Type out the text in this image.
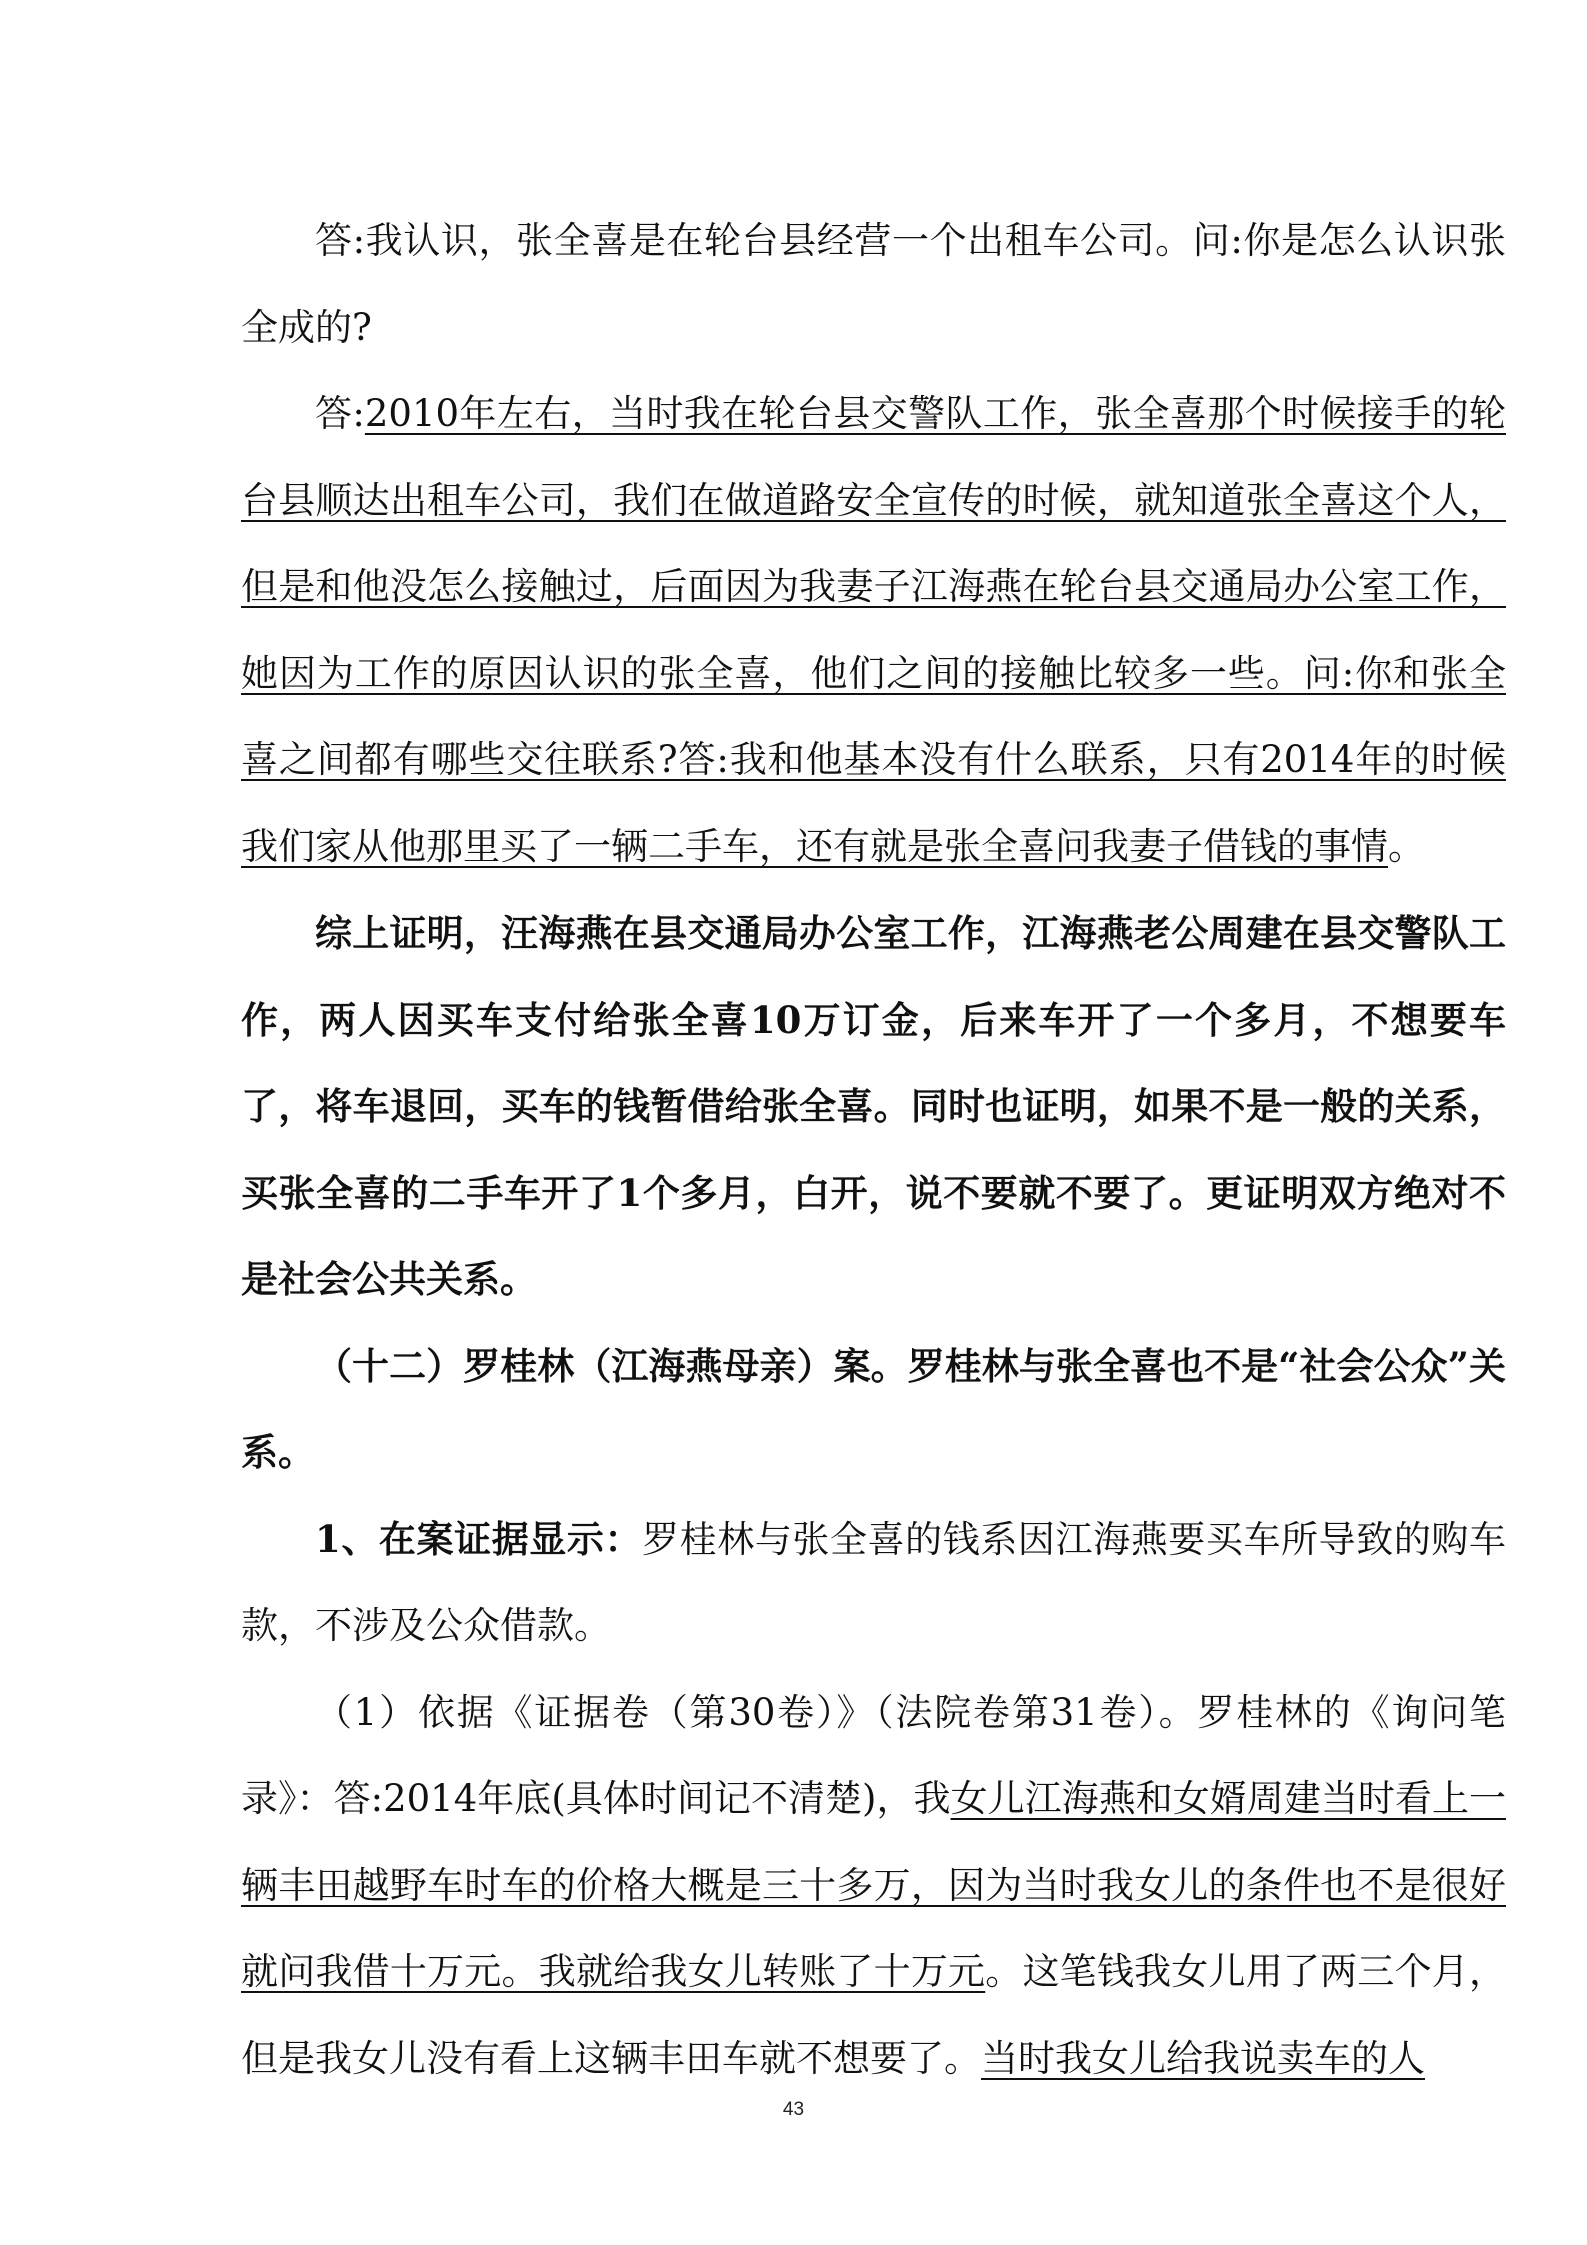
答:我认识，张全喜是在轮台县经营一个出租车公司。问:你是怎么认识张全成的?

答:2010年左右，当时我在轮台县交警队工作，张全喜那个时候接手的轮台县顺达出租车公司，我们在做道路安全宣传的时候，就知道张全喜这个人，但是和他没怎么接触过，后面因为我妻子江海燕在轮台县交通局办公室工作，她因为工作的原因认识的张全喜，他们之间的接触比较多一些。问:你和张全喜之间都有哪些交往联系?答:我和他基本没有什么联系，只有2014年的时候我们家从他那里买了一辆二手车，还有就是张全喜问我妻子借钱的事情。

综上证明，汪海燕在县交通局办公室工作，江海燕老公周建在县交警队工作，两人因买车支付给张全喜10万订金，后来车开了一个多月，不想要车了，将车退回，买车的钱暂借给张全喜。同时也证明，如果不是一般的关系，买张全喜的二手车开了1个多月，白开，说不要就不要了。更证明双方绝对不是社会公共关系。

（十二）罗桂林（江海燕母亲）案。罗桂林与张全喜也不是“社会公众”关系。

1、在案证据显示：罗桂林与张全喜的钱系因江海燕要买车所导致的购车款，不涉及公众借款。

（1）依据《证据卷（第30卷）》（法院卷第31卷）。罗桂林的《询问笔录》：答:2014年底(具体时间记不清楚)，我女儿江海燕和女婿周建当时看上一辆丰田越野车时车的价格大概是三十多万，因为当时我女儿的条件也不是很好就问我借十万元。我就给我女儿转账了十万元。这笔钱我女儿用了两三个月，但是我女儿没有看上这辆丰田车就不想要了。当时我女儿给我说卖车的人

43
